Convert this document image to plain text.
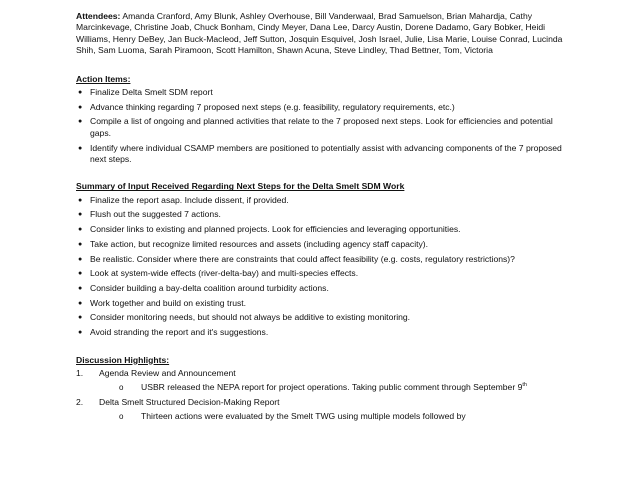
Attendees: Amanda Cranford, Amy Blunk, Ashley Overhouse, Bill Vanderwaal, Brad Samuelson, Brian Mahardja, Cathy Marcinkevage, Christine Joab, Chuck Bonham, Cindy Meyer, Dana Lee, Darcy Austin, Dorene Dadamo, Gary Bobker, Heidi Williams, Henry DeBey, Jan Buck-Macleod, Jeff Sutton, Josquin Esquivel, Josh Israel, Julie, Lisa Marie, Louise Conrad, Lucinda Shih, Sam Luoma, Sarah Piramoon, Scott Hamilton, Shawn Acuna, Steve Lindley, Thad Bettner, Tom, Victoria

Action Items:
● Finalize Delta Smelt SDM report
● Advance thinking regarding 7 proposed next steps (e.g. feasibility, regulatory requirements, etc.)
● Compile a list of ongoing and planned activities that relate to the 7 proposed next steps. Look for efficiencies and potential gaps.
● Identify where individual CSAMP members are positioned to potentially assist with advancing components of the 7 proposed next steps.
Summary of Input Received Regarding Next Steps for the Delta Smelt SDM Work
● Finalize the report asap. Include dissent, if provided.
● Flush out the suggested 7 actions.
● Consider links to existing and planned projects. Look for efficiencies and leveraging opportunities.
● Take action, but recognize limited resources and assets (including agency staff capacity).
● Be realistic. Consider where there are constraints that could affect feasibility (e.g. costs, regulatory restrictions)?
● Look at system-wide effects (river-delta-bay) and multi-species effects.
● Consider building a bay-delta coalition around turbidity actions.
● Work together and build on existing trust.
● Consider monitoring needs, but should not always be additive to existing monitoring.
● Avoid stranding the report and it's suggestions.
Discussion Highlights:
1. Agenda Review and Announcement
o USBR released the NEPA report for project operations. Taking public comment through September 9th
2. Delta Smelt Structured Decision-Making Report
o Thirteen actions were evaluated by the Smelt TWG using multiple models followed by
